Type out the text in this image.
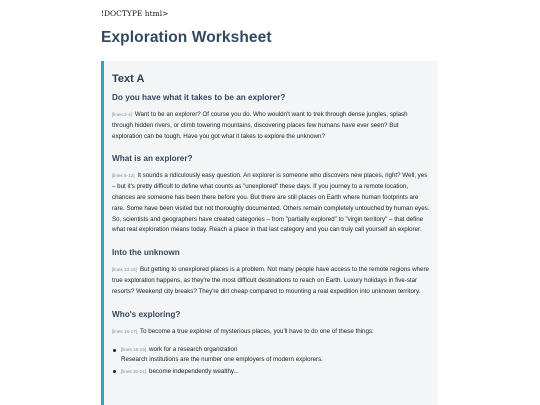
!DOCTYPE html>
Exploration Worksheet
Text A
Do you have what it takes to be an explorer?

[lines 1-4] Want to be an explorer? Of course you do. Who wouldn't want to trek through dense jungles, splash through hidden rivers, or climb towering mountains, discovering places few humans have ever seen? But exploration can be tough. Have you got what it takes to explore the unknown?

What is an explorer?

[lines 5-12] It sounds a ridiculously easy question. An explorer is someone who discovers new places, right? Well, yes – but it's pretty difficult to define what counts as "unexplored" these days. If you journey to a remote location, chances are someone has been there before you. But there are still places on Earth where human footprints are rare. Some have been visited but not thoroughly documented. Others remain completely untouched by human eyes. So, scientists and geographers have created categories – from "partially explored" to "virgin territory" – that define what real exploration means today. Reach a place in that last category and you can truly call yourself an explorer.

Into the unknown

[lines 13-15] But getting to unexplored places is a problem. Not many people have access to the remote regions where true exploration happens, as they're the most difficult destinations to reach on Earth. Luxury holidays in five-star resorts? Weekend city breaks? They're dirt cheap compared to mounting a real expedition into unknown territory.

Who's exploring?

[lines 16-17] To become a true explorer of mysterious places, you'll have to do one of these things:

[lines 18-19] work for a research organization
Research institutions are the number one employers of modern explorers.
[lines 20-21] become independently wealthy...
